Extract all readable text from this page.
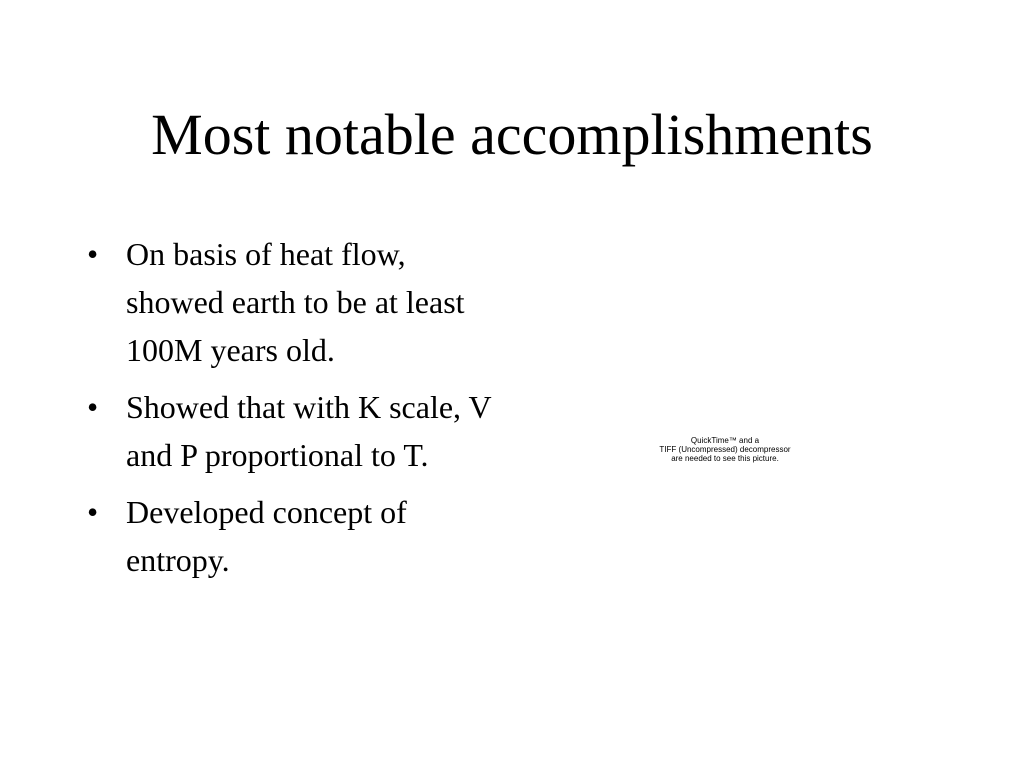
Most notable accomplishments
• On basis of heat flow, showed earth to be at least 100M years old.
• Showed that with K scale, V and P proportional to T.
• Developed concept of entropy.
QuickTime™ and a
TIFF (Uncompressed) decompressor
are needed to see this picture.
